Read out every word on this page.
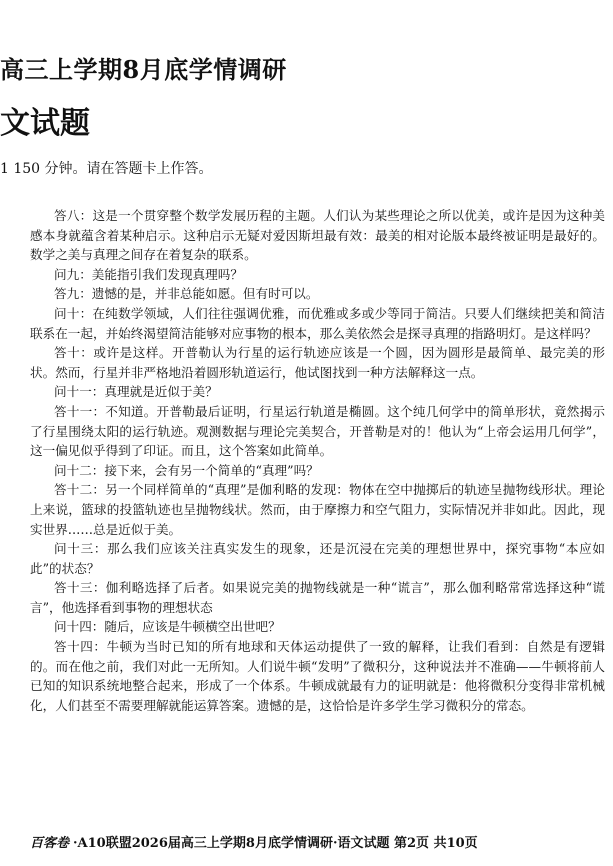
高三上学期8月底学情调研
文试题
1 150 分钟。请在答题卡上作答。

答八：这是一个贯穿整个数学发展历程的主题。人们认为某些理论之所以优美，或许是因为这种美感本身就蕴含着某种启示。这种启示无疑对爱因斯坦最有效：最美的相对论版本最终被证明是最好的。数学之美与真理之间存在着复杂的联系。

问九：美能指引我们发现真理吗？

答九：遗憾的是，并非总能如愿。但有时可以。

问十：在纯数学领域，人们往往强调优雅，而优雅或多或少等同于简洁。只要人们继续把美和简洁联系在一起，并始终渴望简洁能够对应事物的根本，那么美依然会是探寻真理的指路明灯。是这样吗？

答十：或许是这样。开普勒认为行星的运行轨迹应该是一个圆，因为圆形是最简单、最完美的形状。然而，行星并非严格地沿着圆形轨道运行，他试图找到一种方法解释这一点。

问十一：真理就是近似于美？

答十一：不知道。开普勒最后证明，行星运行轨道是椭圆。这个纯几何学中的简单形状，竟然揭示了行星围绕太阳的运行轨迹。观测数据与理论完美契合，开普勒是对的！他认为“上帝会运用几何学”，这一偏见似乎得到了印证。而且，这个答案如此简单。

问十二：接下来，会有另一个简单的“真理”吗？

答十二：另一个同样简单的“真理”是伽利略的发现：物体在空中抛掷后的轨迹呈抛物线形状。理论上来说，篮球的投篮轨迹也呈抛物线状。然而，由于摩擦力和空气阻力，实际情况并非如此。因此，现实世界……总是近似于美。

问十三：那么我们应该关注真实发生的现象，还是沉浸在完美的理想世界中，探究事物“本应如此”的状态？

答十三：伽利略选择了后者。如果说完美的抛物线就是一种“谎言”，那么伽利略常常选择这种“谎言”，他选择看到事物的理想状态

问十四：随后，应该是牛顿横空出世吧？

答十四：牛顿为当时已知的所有地球和天体运动提供了一致的解释，让我们看到：自然是有逻辑的。而在他之前，我们对此一无所知。人们说牛顿“发明”了微积分，这种说法并不准确——牛顿将前人已知的知识系统地整合起来，形成了一个体系。牛顿成就最有力的证明就是：他将微积分变得非常机械化，人们甚至不需要理解就能运算答案。遗憾的是，这恰恰是许多学生学习微积分的常态。

百客卷 ·A10联盟2026届高三上学期8月底学情调研·语文试题 第2页 共10页
